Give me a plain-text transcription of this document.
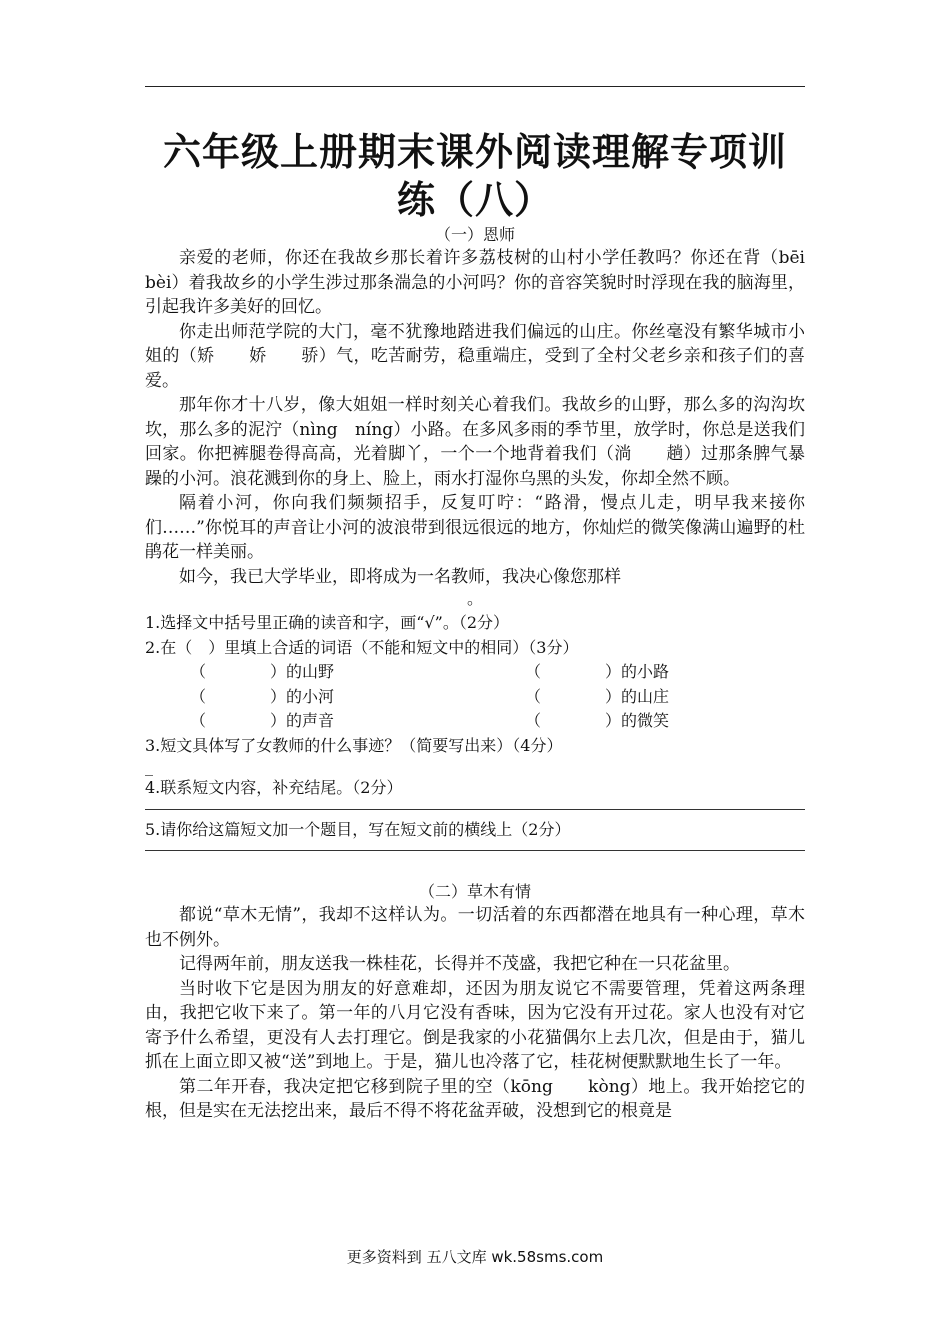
六年级上册期末课外阅读理解专项训
练（八）
（一）恩师

亲爱的老师，你还在我故乡那长着许多荔枝树的山村小学任教吗？你还在背（bēi　bèi）着我故乡的小学生涉过那条湍急的小河吗？你的音容笑貌时时浮现在我的脑海里，引起我许多美好的回忆。

你走出师范学院的大门，毫不犹豫地踏进我们偏远的山庄。你丝毫没有繁华城市小姐的（矫　　娇　　骄）气，吃苦耐劳，稳重端庄，受到了全村父老乡亲和孩子们的喜爱。

那年你才十八岁，像大姐姐一样时刻关心着我们。我故乡的山野，那么多的沟沟坎坎，那么多的泥泞（nìng　níng）小路。在多风多雨的季节里，放学时，你总是送我们回家。你把裤腿卷得高高，光着脚丫，一个一个地背着我们（淌　　趟）过那条脾气暴躁的小河。浪花溅到你的身上、脸上，雨水打湿你乌黑的头发，你却全然不顾。

隔着小河，你向我们频频招手，反复叮咛：“路滑，慢点儿走，明早我来接你们……”你悦耳的声音让小河的波浪带到很远很远的地方，你灿烂的微笑像满山遍野的杜鹃花一样美丽。

如今，我已大学毕业，即将成为一名教师，我决心像您那样

。
1.选择文中括号里正确的读音和字，画“√”。（2分）
2.在（　）里填上合适的词语（不能和短文中的相同）（3分）
（　　　　）的山野	（　　　　）的小路
（　　　　）的小河	（　　　　）的山庄
（　　　　）的声音	（　　　　）的微笑
3.短文具体写了女教师的什么事迹？（简要写出来）（4分）
_
4.联系短文内容，补充结尾。（2分）
5.请你给这篇短文加一个题目，写在短文前的横线上（2分）
（二）草木有情

都说“草木无情”，我却不这样认为。一切活着的东西都潜在地具有一种心理，草木也不例外。

记得两年前，朋友送我一株桂花，长得并不茂盛，我把它种在一只花盆里。

当时收下它是因为朋友的好意难却，还因为朋友说它不需要管理，凭着这两条理由，我把它收下来了。第一年的八月它没有香味，因为它没有开过花。家人也没有对它寄予什么希望，更没有人去打理它。倒是我家的小花猫偶尔上去几次，但是由于，猫儿抓在上面立即又被“送”到地上。于是，猫儿也冷落了它，桂花树便默默地生长了一年。

第二年开春，我决定把它移到院子里的空（kōng　　kòng）地上。我开始挖它的根，但是实在无法挖出来，最后不得不将花盆弄破，没想到它的根竟是

更多资料到 五八文库 wk.58sms.com
